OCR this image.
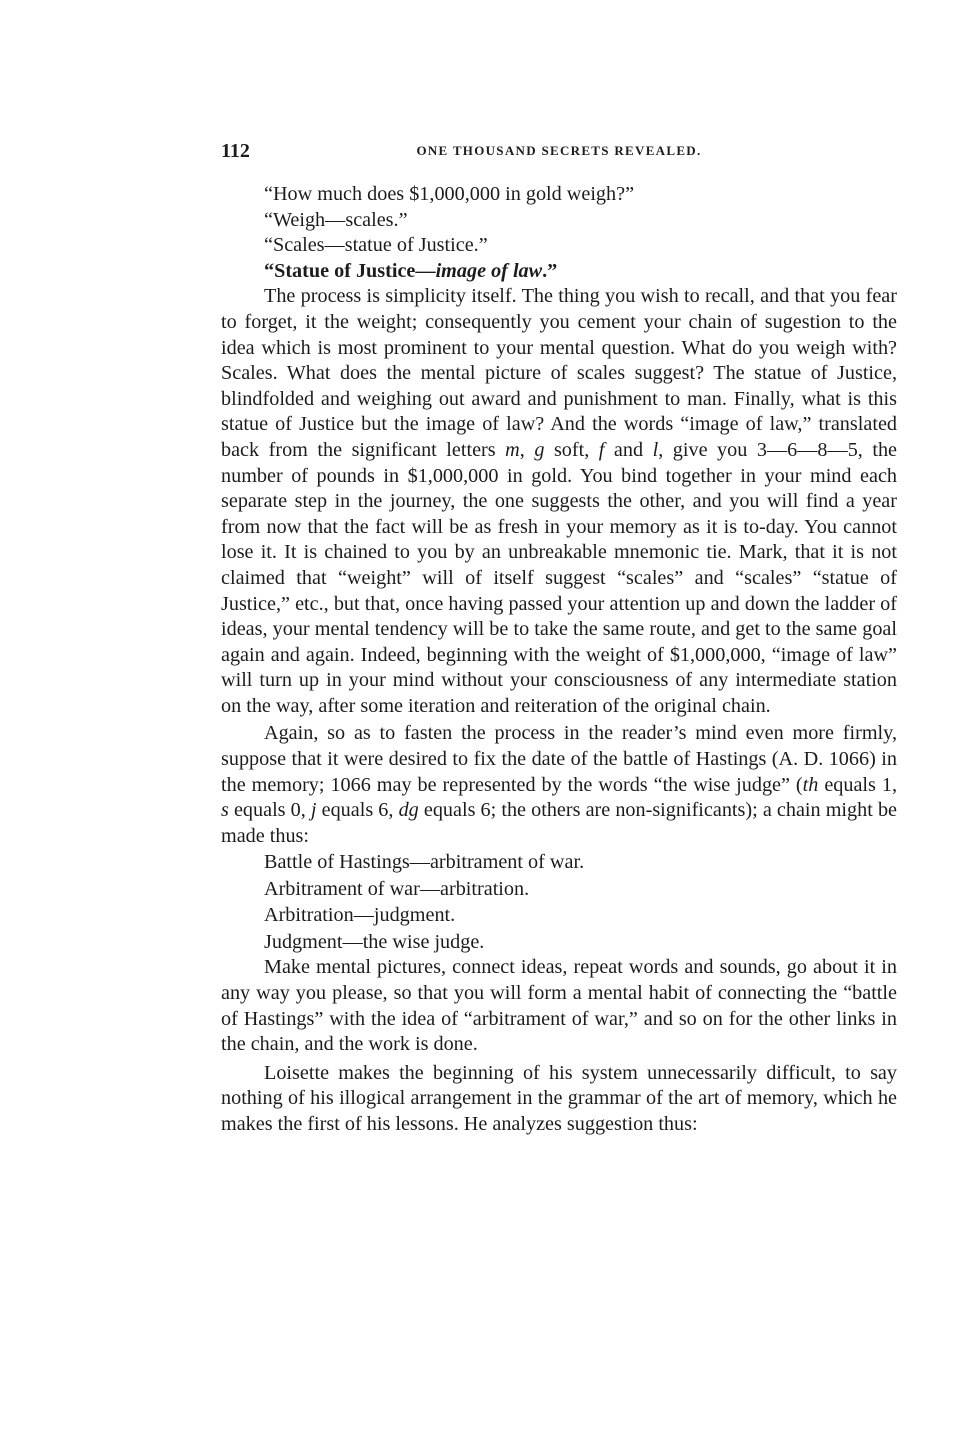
112	ONE THOUSAND SECRETS REVEALED.

“How much does $1,000,000 in gold weigh?”

“Weigh—scales.”

“Scales—statue of Justice.”

“Statue of Justice—image of law.”

The process is simplicity itself. The thing you wish to recall, and that you fear to forget, it the weight; consequently you cement your chain of sugestion to the idea which is most prominent to your mental question. What do you weigh with? Scales. What does the mental picture of scales suggest? The statue of Justice, blindfolded and weighing out award and punishment to man. Finally, what is this statue of Justice but the image of law? And the words “image of law,” translated back from the significant letters m, g soft, f and l, give you 3—6—8—5, the number of pounds in $1,000,000 in gold. You bind together in your mind each separate step in the journey, the one suggests the other, and you will find a year from now that the fact will be as fresh in your memory as it is to-day. You cannot lose it. It is chained to you by an unbreakable mnemonic tie. Mark, that it is not claimed that “weight” will of itself suggest “scales” and “scales” “statue of Justice,” etc., but that, once having passed your attention up and down the ladder of ideas, your mental tendency will be to take the same route, and get to the same goal again and again. Indeed, beginning with the weight of $1,000,000, “image of law” will turn up in your mind without your consciousness of any intermediate station on the way, after some iteration and reiteration of the original chain.

Again, so as to fasten the process in the reader’s mind even more firmly, suppose that it were desired to fix the date of the battle of Hastings (A. D. 1066) in the memory; 1066 may be represented by the words “the wise judge” (th equals 1, s equals 0, j equals 6, dg equals 6; the others are non-significants); a chain might be made thus:

Battle of Hastings—arbitrament of war.

Arbitrament of war—arbitration.

Arbitration—judgment.

Judgment—the wise judge.

Make mental pictures, connect ideas, repeat words and sounds, go about it in any way you please, so that you will form a mental habit of connecting the “battle of Hastings” with the idea of “arbitrament of war,” and so on for the other links in the chain, and the work is done.

Loisette makes the beginning of his system unnecessarily difficult, to say nothing of his illogical arrangement in the grammar of the art of memory, which he makes the first of his lessons. He analyzes suggestion thus:
